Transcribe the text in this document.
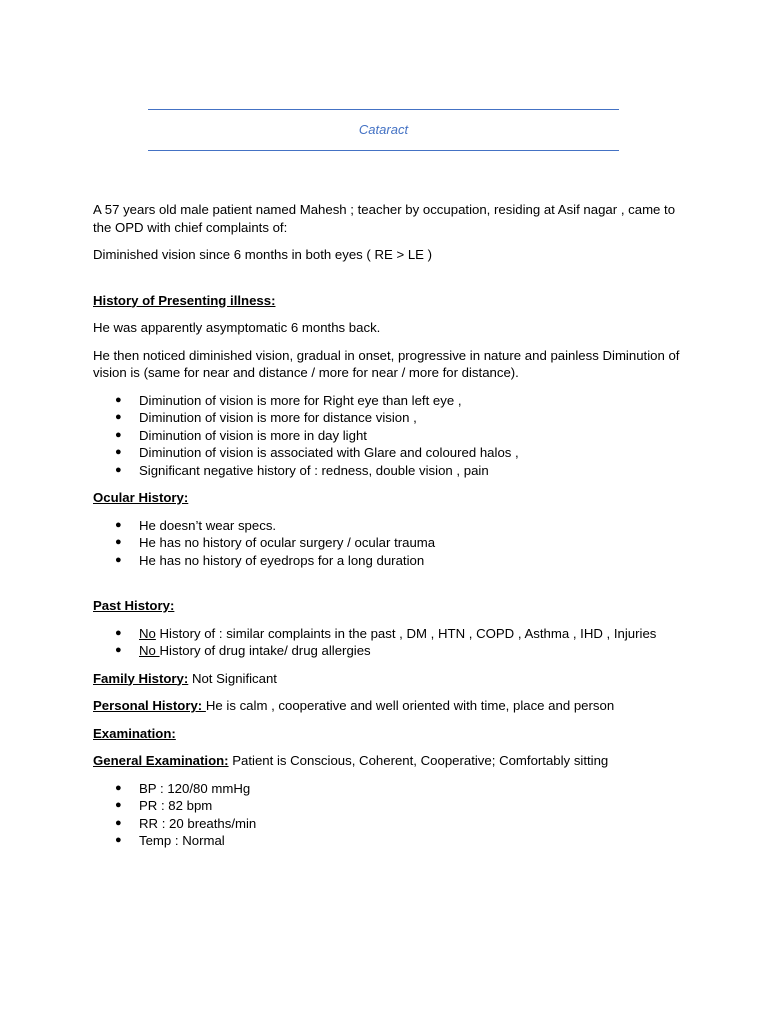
Cataract

A 57 years old male patient named Mahesh ; teacher by occupation, residing at Asif nagar , came to the OPD with chief complaints of:

Diminished vision since 6 months in both eyes ( RE > LE )

History of Presenting illness:

He was apparently asymptomatic 6 months back.

He then noticed diminished vision, gradual in onset, progressive in nature and painless Diminution of vision is (same for near and distance / more for near / more for distance).

● Diminution of vision is more for Right eye than left eye ,
● Diminution of vision is more for distance vision ,
● Diminution of vision is more in day light
● Diminution of vision is associated with Glare and coloured halos ,
● Significant negative history of : redness, double vision , pain

Ocular History:

● He doesn’t wear specs.
● He has no history of ocular surgery / ocular trauma
● He has no history of eyedrops for a long duration

Past History:

● No History of : similar complaints in the past , DM , HTN , COPD , Asthma , IHD , Injuries
● No History of drug intake/ drug allergies

Family History: Not Significant

Personal History: He is calm , cooperative and well oriented with time, place and person

Examination:

General Examination: Patient is Conscious, Coherent, Cooperative; Comfortably sitting

● BP : 120/80 mmHg
● PR : 82 bpm
● RR : 20 breaths/min
● Temp : Normal
